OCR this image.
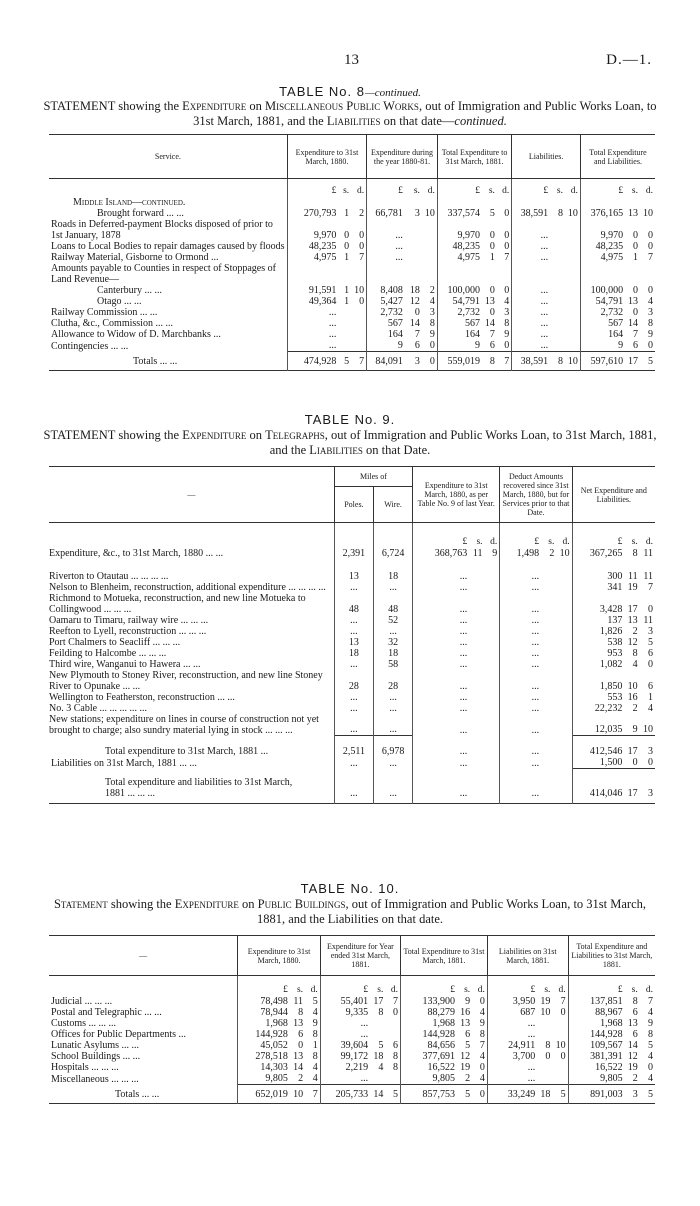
13	D.—1.
TABLE No. 8—continued.
STATEMENT showing the Expenditure on Miscellaneous Public Works, out of Immigration and Public Works Loan, to 31st March, 1881, and the Liabilities on that date—continued.
Service.	Expenditure to 31st March, 1880.			Expenditure during the year 1880-81.			Total Expenditure to 31st March, 1881.			Liabilities.			Total Expenditure and Liabilities.		
	£	s.	d.	£	s.	d.	£	s.	d.	£	s.	d.	£	s.	d.
Middle Island—continued.															
Brought forward ... ...	270,793	1	2	66,781	3	10	337,574	5	0	38,591	8	10	376,165	13	10
Roads in Deferred-payment Blocks disposed of prior to 1st January, 1878	9,970	0	0	...			9,970	0	0	...			9,970	0	0
Loans to Local Bodies to repair damages caused by floods	48,235	0	0	...			48,235	0	0	...			48,235	0	0
Railway Material, Gisborne to Ormond ...	4,975	1	7	...			4,975	1	7	...			4,975	1	7
Amounts payable to Counties in respect of Stoppages of Land Revenue—															
Canterbury ... ...	91,591	1	10	8,408	18	2	100,000	0	0	...			100,000	0	0
Otago ... ...	49,364	1	0	5,427	12	4	54,791	13	4	...			54,791	13	4
Railway Commission ... ...	...			2,732	0	3	2,732	0	3	...			2,732	0	3
Clutha, &c., Commission ... ...	...			567	14	8	567	14	8	...			567	14	8
Allowance to Widow of D. Marchbanks ...	...			164	7	9	164	7	9	...			164	7	9
Contingencies ... ...	...			9	6	0	9	6	0	...			9	6	0
Totals ... ...	474,928	5	7	84,091	3	0	559,019	8	7	38,591	8	10	597,610	17	5
TABLE No. 9.
STATEMENT showing the Expenditure on Telegraphs, out of Immigration and Public Works Loan, to 31st March, 1881, and the Liabilities on that Date.
—	Miles of		Expenditure to 31st March, 1880, as per Table No. 9 of last Year.			Deduct Amounts recovered since 31st March, 1880, but for Services prior to that Date.			Net Expenditure and Liabilities.		
	Poles.	Wire.									

			£	s.	d.	£	s.	d.	£	s.	d.
Expenditure, &c., to 31st March, 1880 ... ...	2,391	6,724	368,763	11	9	1,498	2	10	367,265	8	11
Riverton to Otautau ... ... ... ...	13	18	...			...			300	11	11
Nelson to Blenheim, reconstruction, additional expenditure ... ... ... ...	...	...	...			...			341	19	7
Richmond to Motueka, reconstruction, and new line Motueka to Collingwood ... ... ...	48	48	...			...			3,428	17	0
Oamaru to Timaru, railway wire ... ... ...	...	52	...			...			137	13	11
Reefton to Lyell, reconstruction ... ... ...	...	...	...			...			1,826	2	3
Port Chalmers to Seacliff ... ... ...	13	32	...			...			538	12	5
Feilding to Halcombe ... ... ...	18	18	...			...			953	8	6
Third wire, Wanganui to Hawera ... ...	...	58	...			...			1,082	4	0
New Plymouth to Stoney River, reconstruction, and new line Stoney River to Opunake ... ...	28	28	...			...			1,850	10	6
Wellington to Featherston, reconstruction ... ...	...	...	...			...			553	16	1
No. 3 Cable ... ... ... ... ...	...	...	...			...			22,232	2	4
New stations; expenditure on lines in course of construction not yet brought to charge; also sundry material lying in stock ... ... ...	...	...	...			...			12,035	9	10
Total expenditure to 31st March, 1881 ...	2,511	6,978	...			...			412,546	17	3
Liabilities on 31st March, 1881 ... ...	...	...	...			...			1,500	0	0
Total expenditure and liabilities to 31st March, 1881 ... ... ...	...	...	...			...			414,046	17	3
TABLE No. 10.
Statement showing the Expenditure on Public Buildings, out of Immigration and Public Works Loan, to 31st March, 1881, and the Liabilities on that date.
—	Expenditure to 31st March, 1880.			Expenditure for Year ended 31st March, 1881.			Total Expenditure to 31st March, 1881.			Liabilities on 31st March, 1881.			Total Expenditure and Liabilities to 31st March, 1881.		
	£	s.	d.	£	s.	d.	£	s.	d.	£	s.	d.	£	s.	d.
Judicial ... ... ...	78,498	11	5	55,401	17	7	133,900	9	0	3,950	19	7	137,851	8	7
Postal and Telegraphic ... ...	78,944	8	4	9,335	8	0	88,279	16	4	687	10	0	88,967	6	4
Customs ... ... ...	1,968	13	9	...			1,968	13	9	...			1,968	13	9
Offices for Public Departments ...	144,928	6	8	...			144,928	6	8	...			144,928	6	8
Lunatic Asylums ... ...	45,052	0	1	39,604	5	6	84,656	5	7	24,911	8	10	109,567	14	5
School Buildings ... ...	278,518	13	8	99,172	18	8	377,691	12	4	3,700	0	0	381,391	12	4
Hospitals ... ... ...	14,303	14	4	2,219	4	8	16,522	19	0	...			16,522	19	0
Miscellaneous ... ... ...	9,805	2	4	...			9,805	2	4	...			9,805	2	4
Totals ... ...	652,019	10	7	205,733	14	5	857,753	5	0	33,249	18	5	891,003	3	5
